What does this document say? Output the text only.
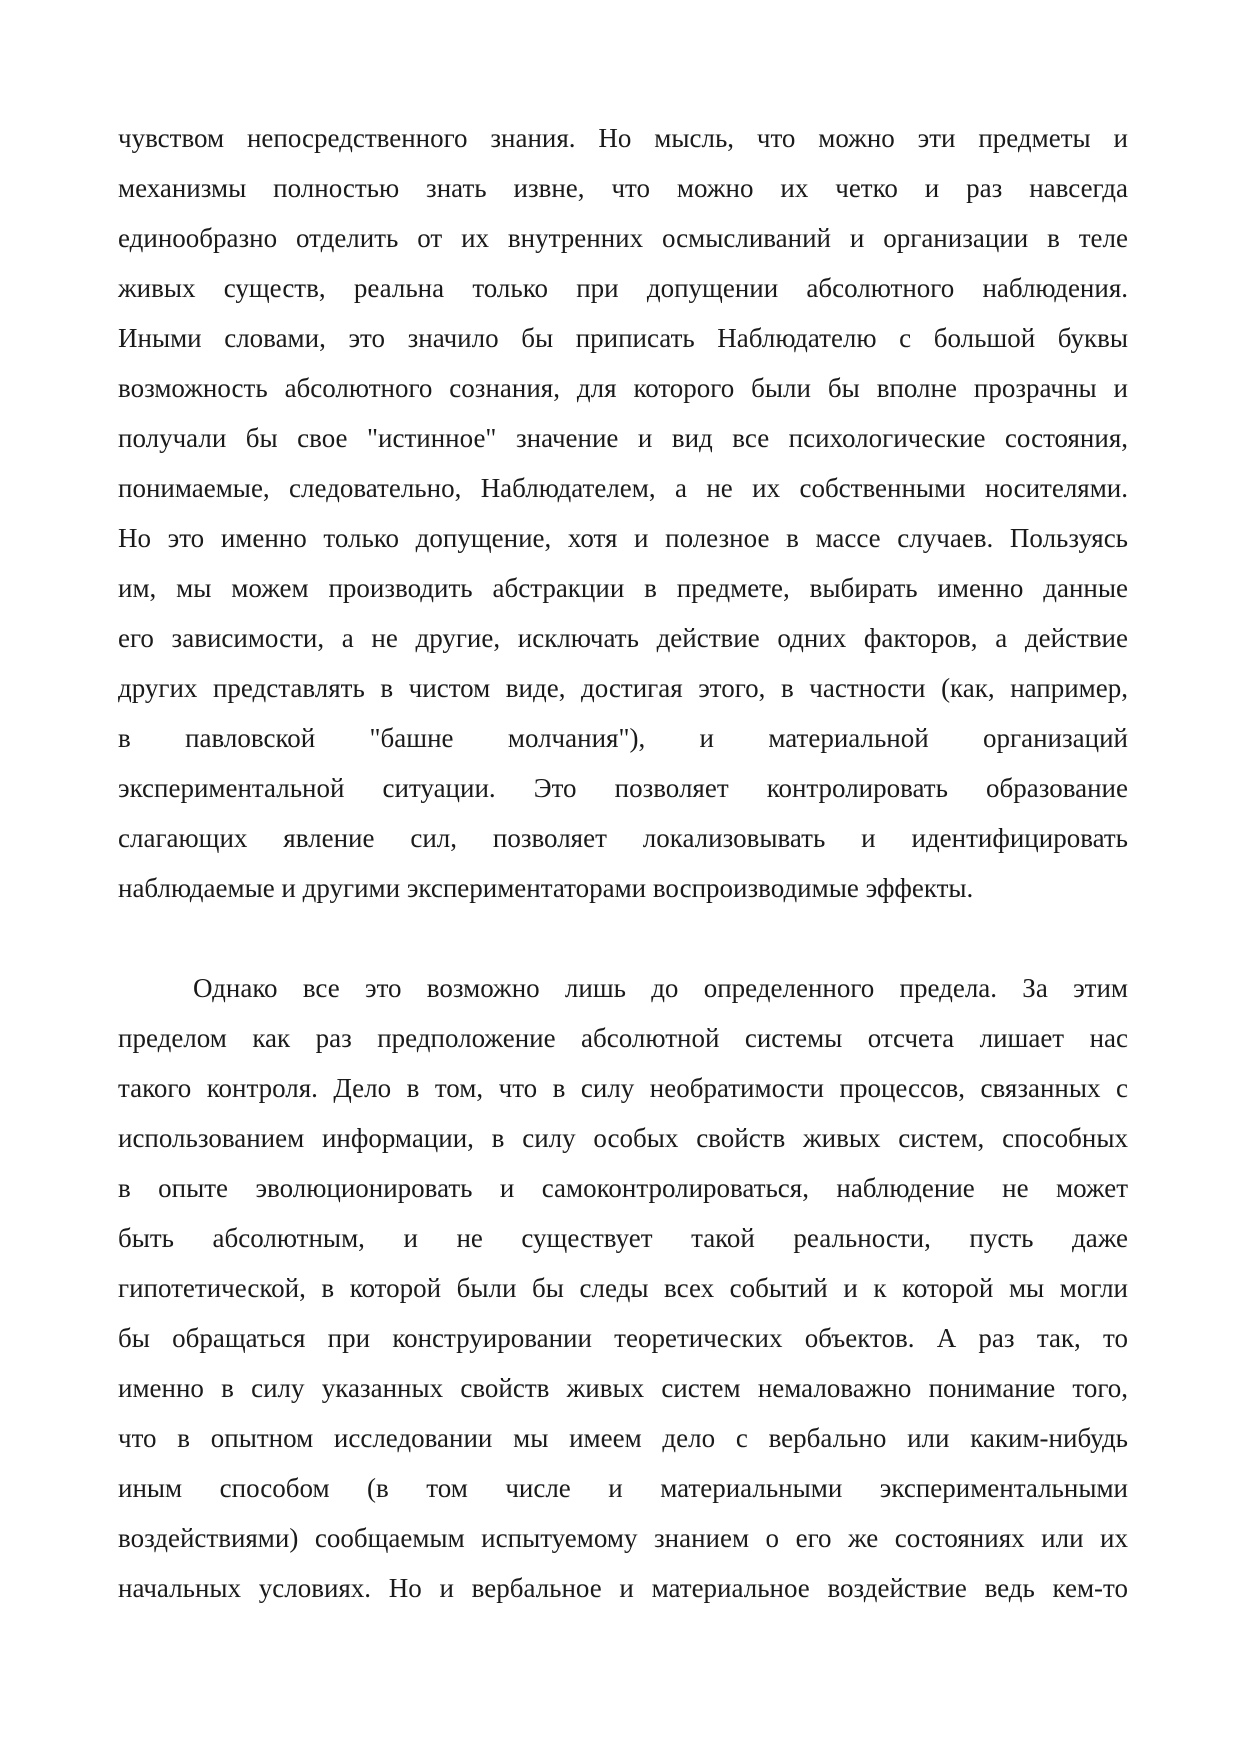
чувством непосредственного знания. Но мысль, что можно эти предметы и
механизмы полностью знать извне, что можно их четко и раз навсегда
единообразно отделить от их внутренних осмысливаний и организации в теле
живых существ, реальна только при допущении абсолютного наблюдения.
Иными словами, это значило бы приписать Наблюдателю с большой буквы
возможность абсолютного сознания, для которого были бы вполне прозрачны и
получали бы свое "истинное" значение и вид все психологические состояния,
понимаемые, следовательно, Наблюдателем, а не их собственными носителями.
Но это именно только допущение, хотя и полезное в массе случаев. Пользуясь
им, мы можем производить абстракции в предмете, выбирать именно данные
его зависимости, а не другие, исключать действие одних факторов, а действие
других представлять в чистом виде, достигая этого, в частности (как, например,
в павловской "башне молчания"), и материальной организаций
экспериментальной ситуации. Это позволяет контролировать образование
слагающих явление сил, позволяет локализовывать и идентифицировать
наблюдаемые и другими экспериментаторами воспроизводимые эффекты.
Однако все это возможно лишь до определенного предела. За этим
пределом как раз предположение абсолютной системы отсчета лишает нас
такого контроля. Дело в том, что в силу необратимости процессов, связанных с
использованием информации, в силу особых свойств живых систем, способных
в опыте эволюционировать и самоконтролироваться, наблюдение не может
быть абсолютным, и не существует такой реальности, пусть даже
гипотетической, в которой были бы следы всех событий и к которой мы могли
бы обращаться при конструировании теоретических объектов. А раз так, то
именно в силу указанных свойств живых систем немаловажно понимание того,
что в опытном исследовании мы имеем дело с вербально или каким-нибудь
иным способом (в том числе и материальными экспериментальными
воздействиями) сообщаемым испытуемому знанием о его же состояниях или их
начальных условиях. Но и вербальное и материальное воздействие ведь кем-то
